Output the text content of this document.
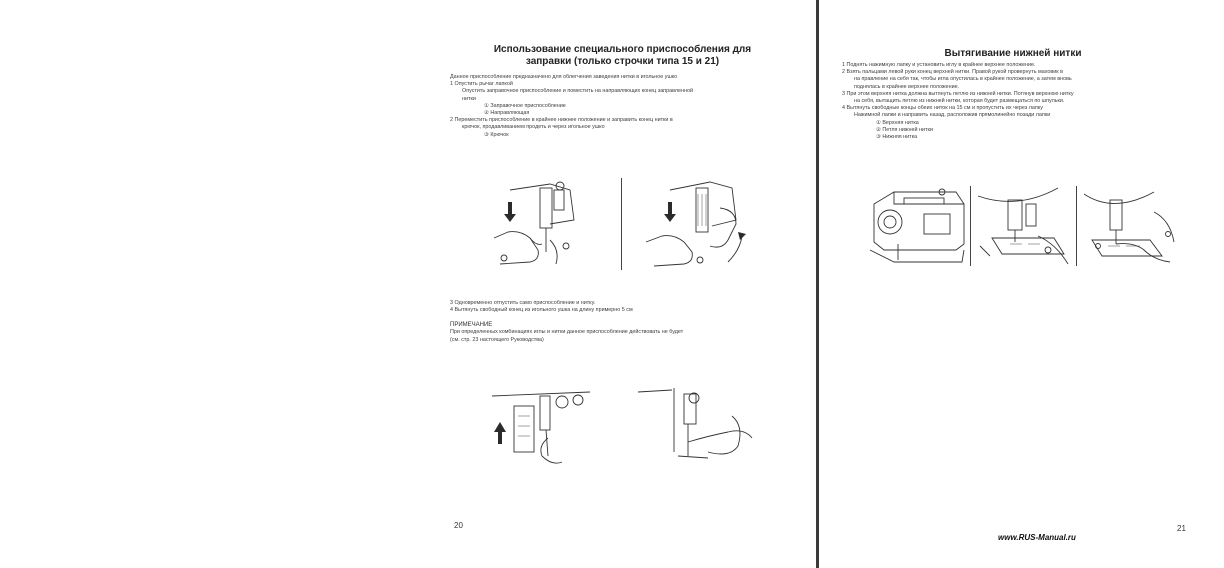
Использование специального приспособления для
заправки (только строчки типа 15 и 21)
Данное приспособление предназначено для облегчения заведения нитки в игольное ушко
1 Опустить рычаг лапкой
Опустить заправочное приспособление и поместить на направляющих конец заправленной
нитки
① Заправочное приспособление
② Направляющая
2 Переместить приспособление в крайнее нижнее положение и заправить конец нитки в
крючок, продавливанием продеть и через игольное ушко
③ Крючок
3 Одновременно отпустить само приспособление и нитку.
4 Вытянуть свободный конец из игольного ушка на длину примерно 5 см
ПРИМЕЧАНИЕ
При определенных комбинациях иглы и нитки данное приспособление действовать не будет
(см. стр. 23 настоящего Руководства)
20
Вытягивание нижней нитки
1 Поднять нажимную лапку и установить иглу в крайнее верхнее положение.
2 Взять пальцами левой руки конец верхней нитки. Правой рукой провернуть маховик в
на правление на себя так, чтобы игла опустилась в крайнее положение, а затем вновь
поднялась в крайнее верхнее положение.
3 При этом верхняя нитка должна вытянуть петлю из нижней нитки. Потянув верхнюю нитку
на себя, вытащить петлю из нижней нитки, которая будет размещаться по шпульки.
4 Вытянуть свободные концы обеих ниток на 15 см и пропустить их через лапку
Нажимной лапки и направить назад, расположив прямолинейно позади лапки
① Верхняя нитка
② Петля нижней нитки
③ Нижняя нитка
www.RUS-Manual.ru
21
